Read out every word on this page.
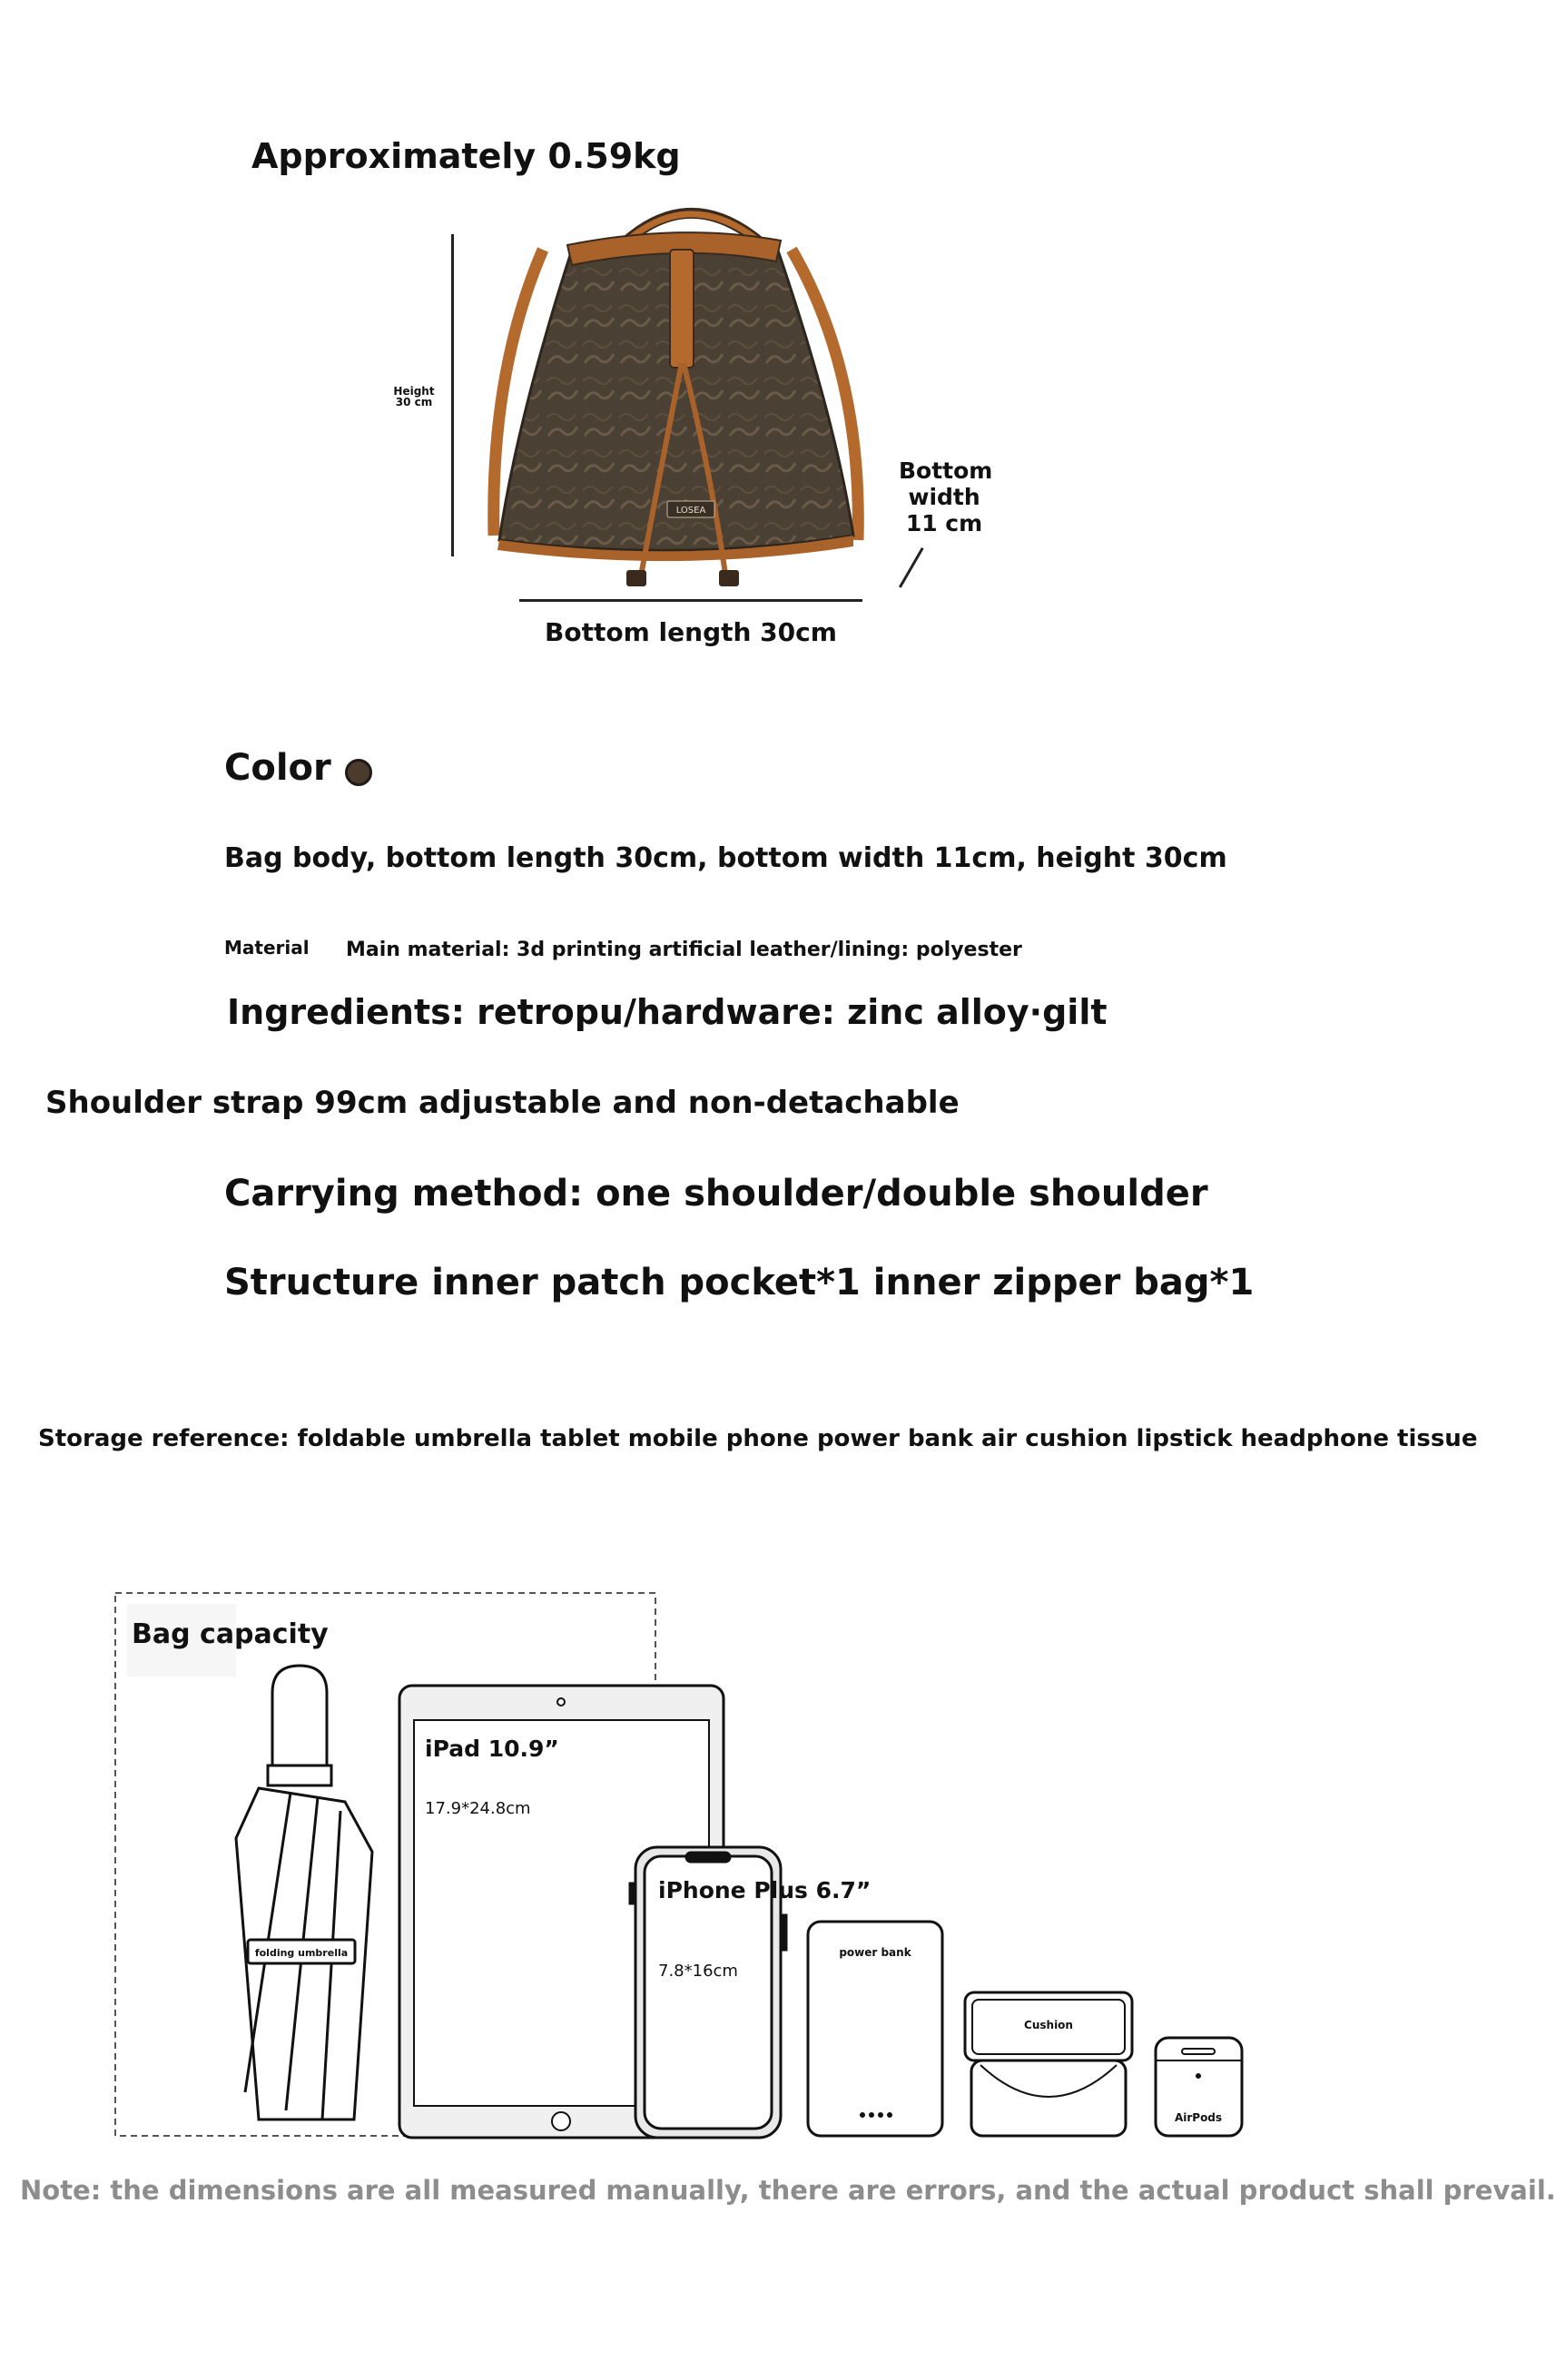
Approximately 0.59kg
LOSEA
Height 30 cm
Bottom width 11 cm
Bottom length 30cm
Color
Bag body, bottom length 30cm, bottom width 11cm, height 30cm
Material Main material: 3d printing artificial leather/lining: polyester
Ingredients: retropu/hardware: zinc alloy·gilt
Shoulder strap 99cm adjustable and non-detachable
Carrying method: one shoulder/double shoulder
Structure inner patch pocket*1 inner zipper bag*1
Storage reference: foldable umbrella tablet mobile phone power bank air cushion lipstick headphone tissue
Bag capacity
folding umbrella
iPad 10.9”
17.9*24.8cm
iPhone Plus 6.7”
7.8*16cm
power bank
Cushion
AirPods
Note: the dimensions are all measured manually, there are errors, and the actual product shall prevail.
